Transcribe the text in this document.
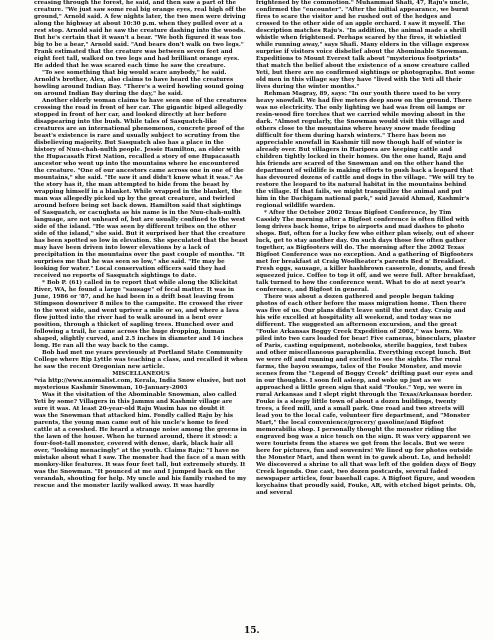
creasing through the forest, he said, and then saw a part of the creature. "We just saw some real big orange eyes, real high off the ground," Arnold said. A few nights later, the two men were driving along the highway at about 10:30 p.m. when they pulled over at a rest stop. Arnold said he saw the creature dashing into the woods. But he's certain that it wasn't a bear. "We both figured it was too big to be a bear," Arnold said. "And bears don't walk on two legs." Frank estimated that the creature was between seven feet and eight feet tall, walked on two legs and had brilliant orange eyes. He added that he was scared each time he saw the creature.

"To see something that big would scare anybody," he said. Arnold's brother, Alex, also claims to have heard the creatures howling around Indian Bay. "There's a weird howling sound going on around Indian Bay during the day," he said.

Another elderly woman claims to have seen one of the creatures crossing the road in front of her car. The gigantic biped allegedly stopped in front of her car, and looked directly at her before disappearing into the bush. While tales of Sasquatch-like creatures are an international phenomenon, concrete proof of the beast's existence is rare and usually subject to scrutiny from the disbelieving majority. But Sasquatch also has a place in the history of Nuu-chah-nulth people. Jessie Hamilton, an elder with the Hupacasath First Nation, recalled a story of one Hupacasath ancestor who went up into the mountains where he encountered the creature. "One of our ancestors came across one in one of the mountains," she said. "He saw it and didn't know what it was." As the story has it, the man attempted to hide from the beast by wrapping himself in a blanket. While wrapped in the blanket, the man was allegedly picked up by the great creature, and twirled around before being set back down. Hamilton said that sightings of Sasquatch, or cacuqhsta as his name is in the Nuu-chah-nulth language, are not unheard of, but are usually confined to the west side of the island. "He was seen by different tribes on the other side of the island," she said. But it surprised her that the creature has been spotted so low in elevation. She speculated that the beast may have been driven into lower elevations by a lack of precipitation in the mountains over the past couple of months. "It surprises me that he was seen so low," she said. "He may be looking for water." Local conservation officers said they had received no reports of Sasquatch sightings to date.

* Bob P. (61) called in to report that while along the Klickitat River, WA, he found a large "sausage" of fecal matter. It was in June, 1986 or '87, and he had been in a drift boat leaving from Stimpson downriver 8 miles to the campsite. He crossed the river to the west side, and went upriver a mile or so, and where a lava flow jutted into the river had to walk around in a bent over position, through a thicket of sapling trees. Hunched over and following a trail, he came across the huge dropping, human shaped, slightly curved, and 2.5 inches in diameter and 14 inches long. He ran all the way back to the camp.

Bob had met me years previously at Portland State Community College where Rip Lyttle was teaching a class, and recalled it when he saw the recent Oregonian new article.

MISCELLANEOUS

*via http://www.anomalist.com, Kerala, India Snow elusive, but not mysterious Kashmir Snowman, 10-January-2003

Was it the visitation of the Abominable Snowman, also called Yeti by some? Villagers in this Jammu and Kashmir village are sure it was. At least 20-year-old Raju Wasim has no doubt it

was the Snowman that attacked him. Fondly called Raju by his parents, the young man came out of his uncle's home to feed cattle at a cowshed. He heard a strange noise among the greens in the lawn of the house. When he turned around, there it stood: a four-foot-tall monster, covered with dense, dark, black hair all over, "looking menacingly" at the youth. Claims Raju: "I have no mistake about what I saw. The monster had the face of a man with monkey-like features. It was four feet tall, but extremely sturdy. It was the Snowman. "It pounced at me and I jumped back on the verandah, shouting for help. My uncle and his family rushed to my rescue and the monster lazily walked away. It was hardly

frightened by the commotion." Muhammad Shafi, 47, Raju's uncle, confirmed the "encounter". "After the initial appearance, we burnt fires to scare the visitor and he rushed out of the hedges and crossed to the other side of an apple orchard. I saw it myself. The description matches Raju's. "In addition, the animal made a shrill whistle when frightened. Perhaps scared by the fires, it whistled while running away," says Shafi. Many elders in the village express surprise if visitors voice disbelief about the Abominable Snowman. Expeditions to Mount Everest talk about "mysterious footprints" that match the belief about the existence of a snow creature called Yeti, but there are no confirmed sightings or photographs. But some old men in this village say they have "lived with the Yeti all their lives during the winter months."

Rehman Magray, 89, says: "In our youth there used to be very heavy snowfall. We had five meters deep snow on the ground. There was no electricity. The only lighting we had was from oil lamps or resin-wood fire torches that we carried while moving about in the dark. "Almost regularly, the Snowman would visit this village and others close to the mountains where heavy snow made feeding difficult for them during harsh winters." There has been no appreciable snowfall in Kashmir till now though half of winter is already over. But villagers in Haripora are keeping cattle and children tightly locked in their homes. On the one hand, Raju and his friends are scared of the Snowman and on the other hand the department of wildlife is making efforts to push back a leopard that has devoured dozens of cattle and dogs in the village. "We will try to restore the leopard to its natural habitat in the mountains behind the village. If that fails, we might tranquilize the animal and put him in the Dachigam national park," said Javaid Ahmad, Kashmir's regional wildlife warden.

* After the October 2002 Texas Bigfoot Conference, by Tim Cassidy The morning after a Bigfoot conference is often filled with long drives back home, trips to airports and mad dashes to photo shops. But, often for a lucky few who either plan wisely, out of sheer luck, get to stay another day. On such days those few often gather together, as Bigfooters will do. The morning after the 2002 Texas Bigfoot Conference was no exception. And a gathering of Bigfooters met for breakfast at Craig Woolheater's parents Bed n' Breakfast. Fresh eggs, sausage, a killer hashbrown casserole, donuts, and fresh squeezed juice. Coffee to top it off, and we were full. After breakfast, talk turned to how the conference went. What to do at next year's conference, and Bigfoot in general.

There was about a dozen gathered and people began taking photos of each other before the mass migration home. Then there was five of us. Our plans didn't leave until the next day. Craig and his wife excelled at hospitality all weekend, and today was no different. The suggested an afternoon excursion, and the great "Fouke Arkansas Boggy Creek Expedition of 2002," was born. We piled into two cars loaded for bear! Five cameras, binoculars, plaster of Paris, casting equipment, notebooks, sterile baggies, test tubes and other miscellaneous paraphenlia. Everything except lunch. But we were off and running and excited to see the sights. The rural farms, the bayou swamps, tales of the Fouke Monster, and movie scenes from the "Legend of Boggy Creek" drifting past our eyes and in our thoughts. I soon fell asleep, and woke up just as we approached a little green sign that said "Fouke." Yep, we were in rural Arkansas and I slept right through the Texas/Arkansas border. Fouke is a sleepy little town of about a dozen buildings, twenty trees, a feed mill, and a small park. One road and two streets will lead you to the local cafe, volunteer fire department, and "Monster Mart," the local convenience/grocery/ gasoline/and Bigfoot memorabilia shop. I personally thought the monster riding the engraved bog was a nice touch on the sign. It was very apparent we were tourists from the stares we got from the locals. But we were here for pictures, fun and souvenirs! We lined up for photos outside the Monster Mart, and then went in to gawk about. Lo, and behold! We discovered a shrine to all that was left of the golden days of Bogy Creek legends. One cast, two dozen postcards, several faded newspaper articles, four baseball caps. A Bigfoot figure, and wooden keychains that proudly said, Fouke, AR, with etched bigot prints. Oh, and several

15.
